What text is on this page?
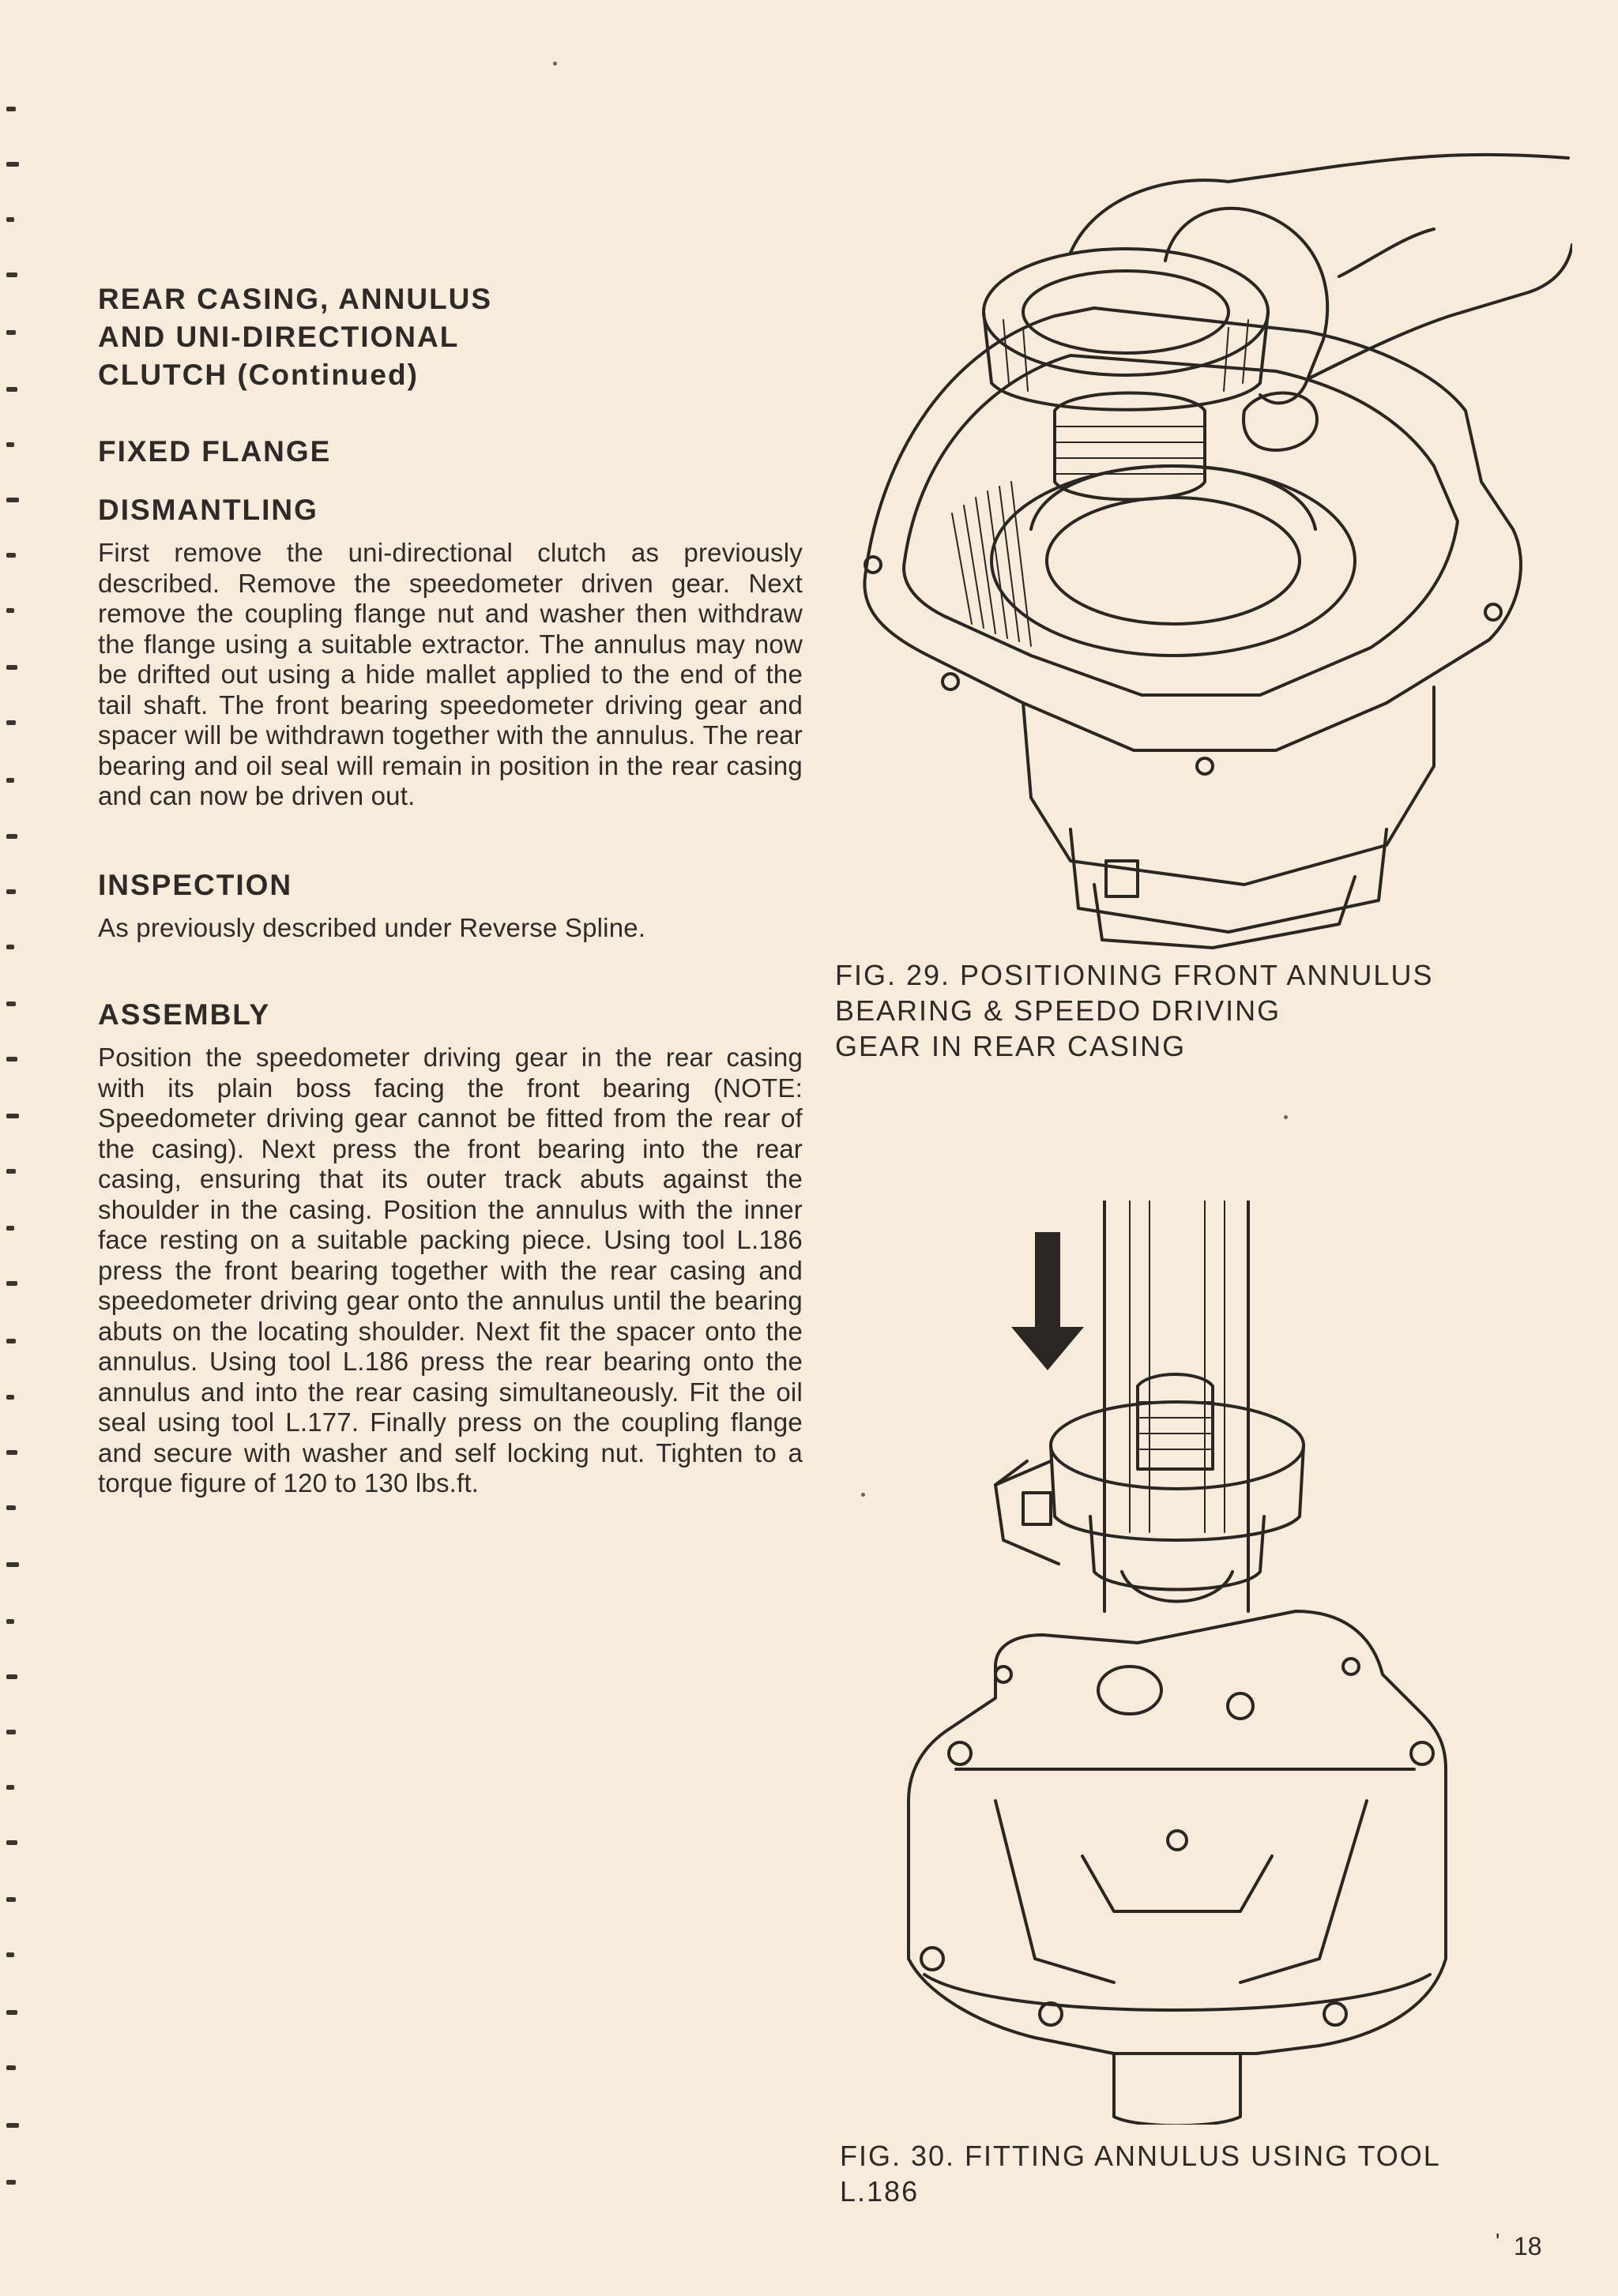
REAR CASING, ANNULUS
AND UNI-DIRECTIONAL
CLUTCH (Continued)
FIXED FLANGE
DISMANTLING

First remove the uni-directional clutch as previously described. Remove the speedometer driven gear. Next remove the coupling flange nut and washer then withdraw the flange using a suitable extractor. The annulus may now be drifted out using a hide mallet applied to the end of the tail shaft. The front bearing speedometer driving gear and spacer will be withdrawn together with the annulus. The rear bearing and oil seal will remain in position in the rear casing and can now be driven out.

INSPECTION

As previously described under Reverse Spline.

ASSEMBLY

Position the speedometer driving gear in the rear casing with its plain boss facing the front bearing (NOTE: Speedometer driving gear cannot be fitted from the rear of the casing). Next press the front bearing into the rear casing, ensuring that its outer track abuts against the shoulder in the casing. Position the annulus with the inner face resting on a suitable packing piece. Using tool L.186 press the front bearing together with the rear casing and speedometer driving gear onto the annulus until the bearing abuts on the locating shoulder. Next fit the spacer onto the annulus. Using tool L.186 press the rear bearing onto the annulus and into the rear casing simultaneously. Fit the oil seal using tool L.177. Finally press on the coupling flange and secure with washer and self locking nut. Tighten to a torque figure of 120 to 130 lbs.ft.

FIG. 29. POSITIONING FRONT ANNULUS
BEARING & SPEEDO DRIVING
GEAR IN REAR CASING
FIG. 30. FITTING ANNULUS USING TOOL
L.186
' 18
